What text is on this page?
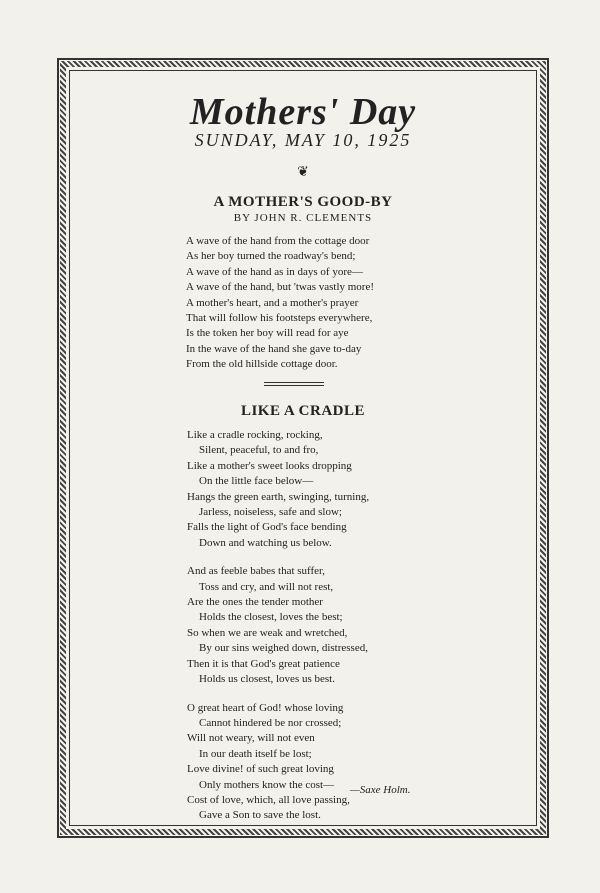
Mothers' Day
SUNDAY, MAY 10, 1925
❦
A MOTHER'S GOOD-BY
BY JOHN R. CLEMENTS
A wave of the hand from the cottage door
As her boy turned the roadway's bend;
A wave of the hand as in days of yore—
A wave of the hand, but 'twas vastly more!
A mother's heart, and a mother's prayer
That will follow his footsteps everywhere,
Is the token her boy will read for aye
In the wave of the hand she gave to-day
From the old hillside cottage door.
LIKE A CRADLE
Like a cradle rocking, rocking,
Silent, peaceful, to and fro,
Like a mother's sweet looks dropping
On the little face below—
Hangs the green earth, swinging, turning,
Jarless, noiseless, safe and slow;
Falls the light of God's face bending
Down and watching us below.
And as feeble babes that suffer,
Toss and cry, and will not rest,
Are the ones the tender mother
Holds the closest, loves the best;
So when we are weak and wretched,
By our sins weighed down, distressed,
Then it is that God's great patience
Holds us closest, loves us best.
O great heart of God! whose loving
Cannot hindered be nor crossed;
Will not weary, will not even
In our death itself be lost;
Love divine! of such great loving
Only mothers know the cost—
Cost of love, which, all love passing,
Gave a Son to save the lost.
—Saxe Holm.
